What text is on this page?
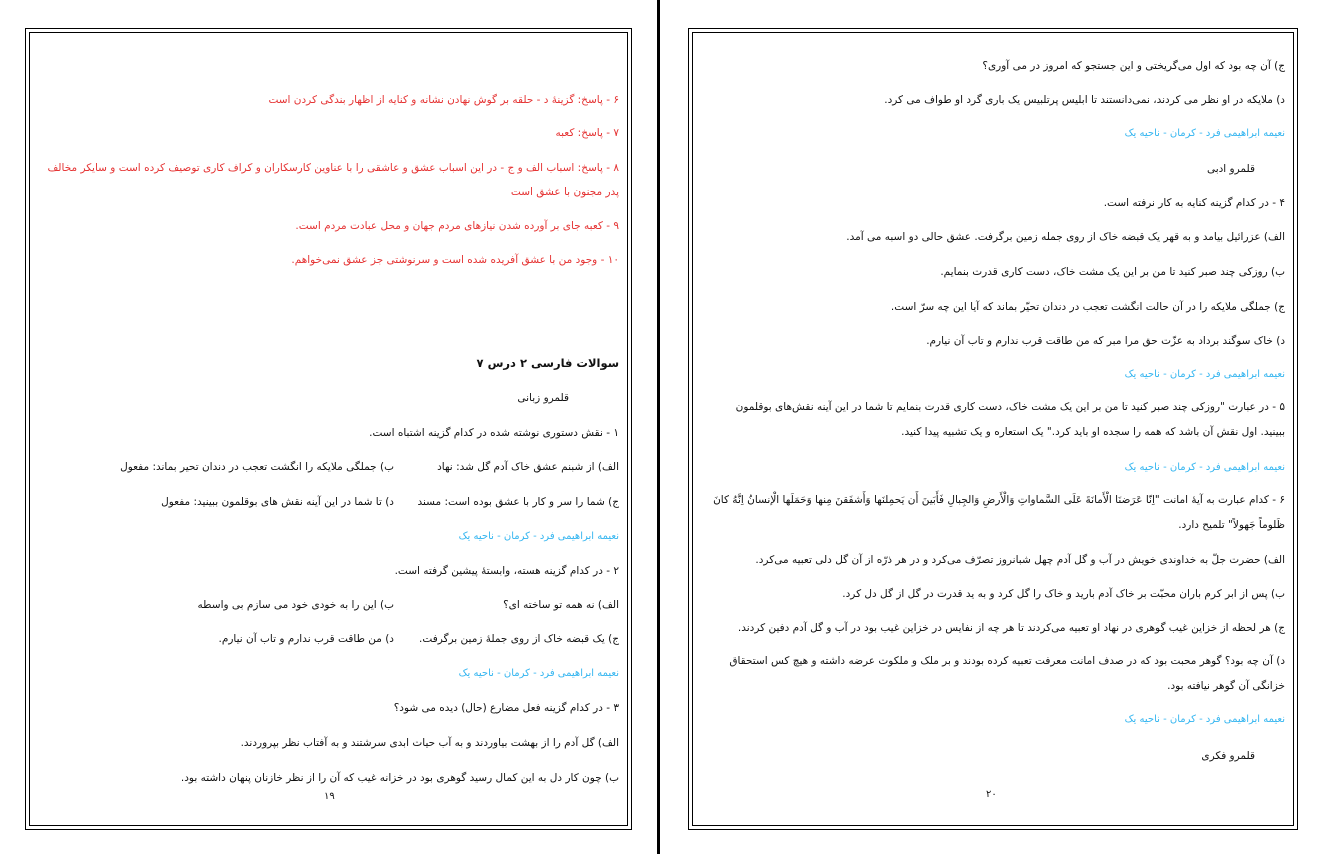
۶ - پاسخ: گزینهٔ د - حلقه بر گوش نهادن نشانه و کنایه از اظهار بندگی کردن است

۷ - پاسخ: کعبه

۸ - پاسخ: اسباب الف و ج - در این اسباب عشق و عاشقی را با عناوین کارسکاران و کراف کاری توصیف کرده است و سایکر مخالف

پدر مجنون با عشق است

۹ - کعبه جای بر آورده شدن نیازهای مردم جهان و محل عبادت مردم است.

۱۰ - وجود من با عشق آفریده شده است و سرنوشتی جز عشق نمی‌خواهم.

سوالات فارسی ۲ درس ۷

قلمرو زبانی

۱ - نقش دستوری نوشته شده در کدام گزینه اشتباه است.

الف) از شبنم عشق خاک آدم گل شد: نهاد
ب) جملگی ملایکه را انگشت تعجب در دندان تحیر بماند: مفعول
ج) شما را سر و کار با عشق بوده است: مسند
د) تا شما در این آینه نقش های بوقلمون ببینید: مفعول

نعیمه ابراهیمی فرد - کرمان - ناحیه یک

۲ - در کدام گزینه هسته، وابستهٔ پیشین گرفته است.

الف) نه همه تو ساخته ای؟
ب) این را به خودی خود می سازم بی واسطه
ج) یک قبضه خاک از روی جملهٔ زمین برگرفت.
د) من طاقت قرب ندارم و تاب آن نیارم.

نعیمه ابراهیمی فرد - کرمان - ناحیه یک

۳ - در کدام گزینه فعل مضارع (حال) دیده می شود؟

الف) گل آدم را از بهشت بیاوردند و به آب حیات ابدی سرشتند و به آفتاب نظر بپروردند.

ب) چون کار دل به این کمال رسید گوهری بود در خزانه غیب که آن را از نظر خازنان پنهان داشته بود.

۱۹

ج) آن چه بود که اول می‌گریختی و این جستجو که امروز در می آوری؟

د) ملایکه در او نظر می کردند، نمی‌دانستند تا ابلیس پرتلبیس یک باری گرد او طواف می کرد.

نعیمه ابراهیمی فرد - کرمان - ناحیه یک

قلمرو ادبی

۴ - در کدام گزینه کنایه به کار نرفته است.

الف) عزرائیل بیامد و به قهر یک قبضه خاک از روی جمله زمین برگرفت. عشق حالی دو اسبه می آمد.

ب) روزکی چند صبر کنید تا من بر این یک مشت خاک، دست کاری قدرت بنمایم.

ج) جملگی ملایکه را در آن حالت انگشت تعجب در دندان تحیّر بماند که آیا این چه سرّ است.

د) خاک سوگند برداد به عزّت حق مرا مبر که من طاقت قرب ندارم و تاب آن نیارم.

نعیمه ابراهیمی فرد - کرمان - ناحیه یک

۵ - در عبارت "روزکی چند صبر کنید تا من بر این یک مشت خاک، دست کاری قدرت بنمایم تا شما در این آینه نقش‌های بوقلمون ببینید. اول نقش آن باشد که همه را سجده او باید کرد." یک استعاره و یک تشبیه پیدا کنید.

نعیمه ابراهیمی فرد - کرمان - ناحیه یک

۶ - کدام عبارت به آیهٔ امانت "اِنّا عَرَضنَا الْأَمانَةَ عَلَى السَّماواتِ وَالْأَرضِ وَالجِبالِ فَأَبَینَ أَن یَحمِلنَها وَأَشفَقنَ مِنها وَحَمَلَها الْإنسانُ اِنَّهُ کانَ ظَلوماً جَهولاً" تلمیح دارد.

الف) حضرت جلّ به خداوندی خویش در آب و گل آدم چهل شبانروز تصرّف می‌کرد و در هر ذرّه از آن گل دلی تعبیه می‌کرد.

ب) پس از ابر کرم باران محبّت بر خاک آدم بارید و خاک را گل کرد و به ید قدرت در گل از گل دل کرد.

ج) هر لحظه از خزاین غیب گوهری در نهاد او تعبیه می‌کردند تا هر چه از نفایس در خزاین غیب بود در آب و گل آدم دفین کردند.

د) آن چه بود؟ گوهر محبت بود که در صدف امانت معرفت تعبیه کرده بودند و بر ملک و ملکوت عرضه داشته و هیچ کس استحقاق خزانگی آن گوهر نیافته بود.

نعیمه ابراهیمی فرد - کرمان - ناحیه یک

قلمرو فکری

۲۰
